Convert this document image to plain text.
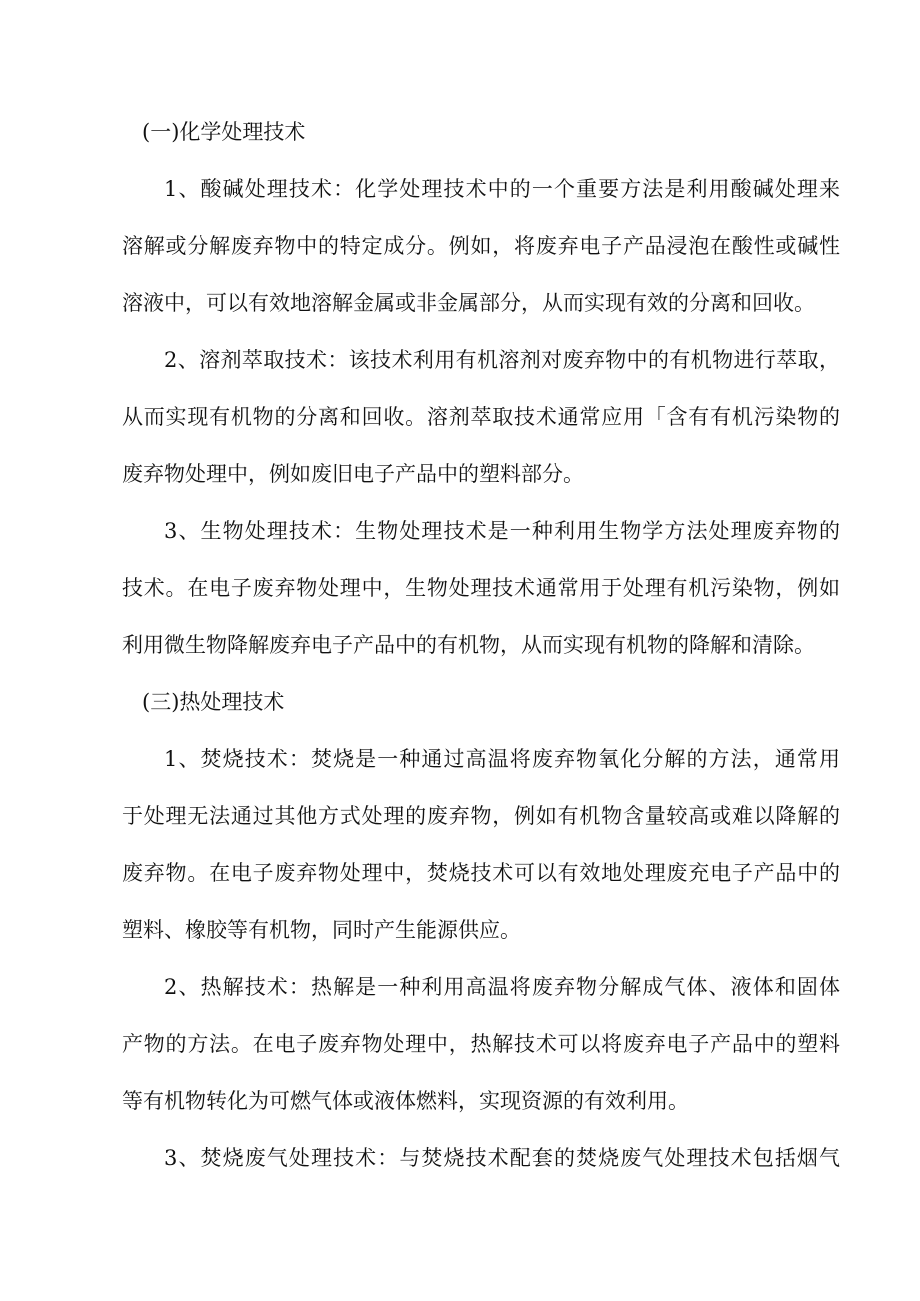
(一)化学处理技术

1、酸碱处理技术：化学处理技术中的一个重要方法是利用酸碱处理来
溶解或分解废弃物中的特定成分。例如，将废弃电子产品浸泡在酸性或碱性
溶液中，可以有效地溶解金属或非金属部分，从而实现有效的分离和回收。
2、溶剂萃取技术：该技术利用有机溶剂对废弃物中的有机物进行萃取，
从而实现有机物的分离和回收。溶剂萃取技术通常应用「含有有机污染物的
废弃物处理中，例如废旧电子产品中的塑料部分。
3、生物处理技术：生物处理技术是一种利用生物学方法处理废弃物的
技术。在电子废弃物处理中，生物处理技术通常用于处理有机污染物，例如
利用微生物降解废弃电子产品中的有机物，从而实现有机物的降解和清除。

(三)热处理技术

1、焚烧技术：焚烧是一种通过高温将废弃物氧化分解的方法，通常用
于处理无法通过其他方式处理的废弃物，例如有机物含量较高或难以降解的
废弃物。在电子废弃物处理中，焚烧技术可以有效地处理废充电子产品中的
塑料、橡胶等有机物，同时产生能源供应。
2、热解技术：热解是一种利用高温将废弃物分解成气体、液体和固体
产物的方法。在电子废弃物处理中，热解技术可以将废弃电子产品中的塑料
等有机物转化为可燃气体或液体燃料，实现资源的有效利用。
3、焚烧废气处理技术：与焚烧技术配套的焚烧废气处理技术包括烟气
